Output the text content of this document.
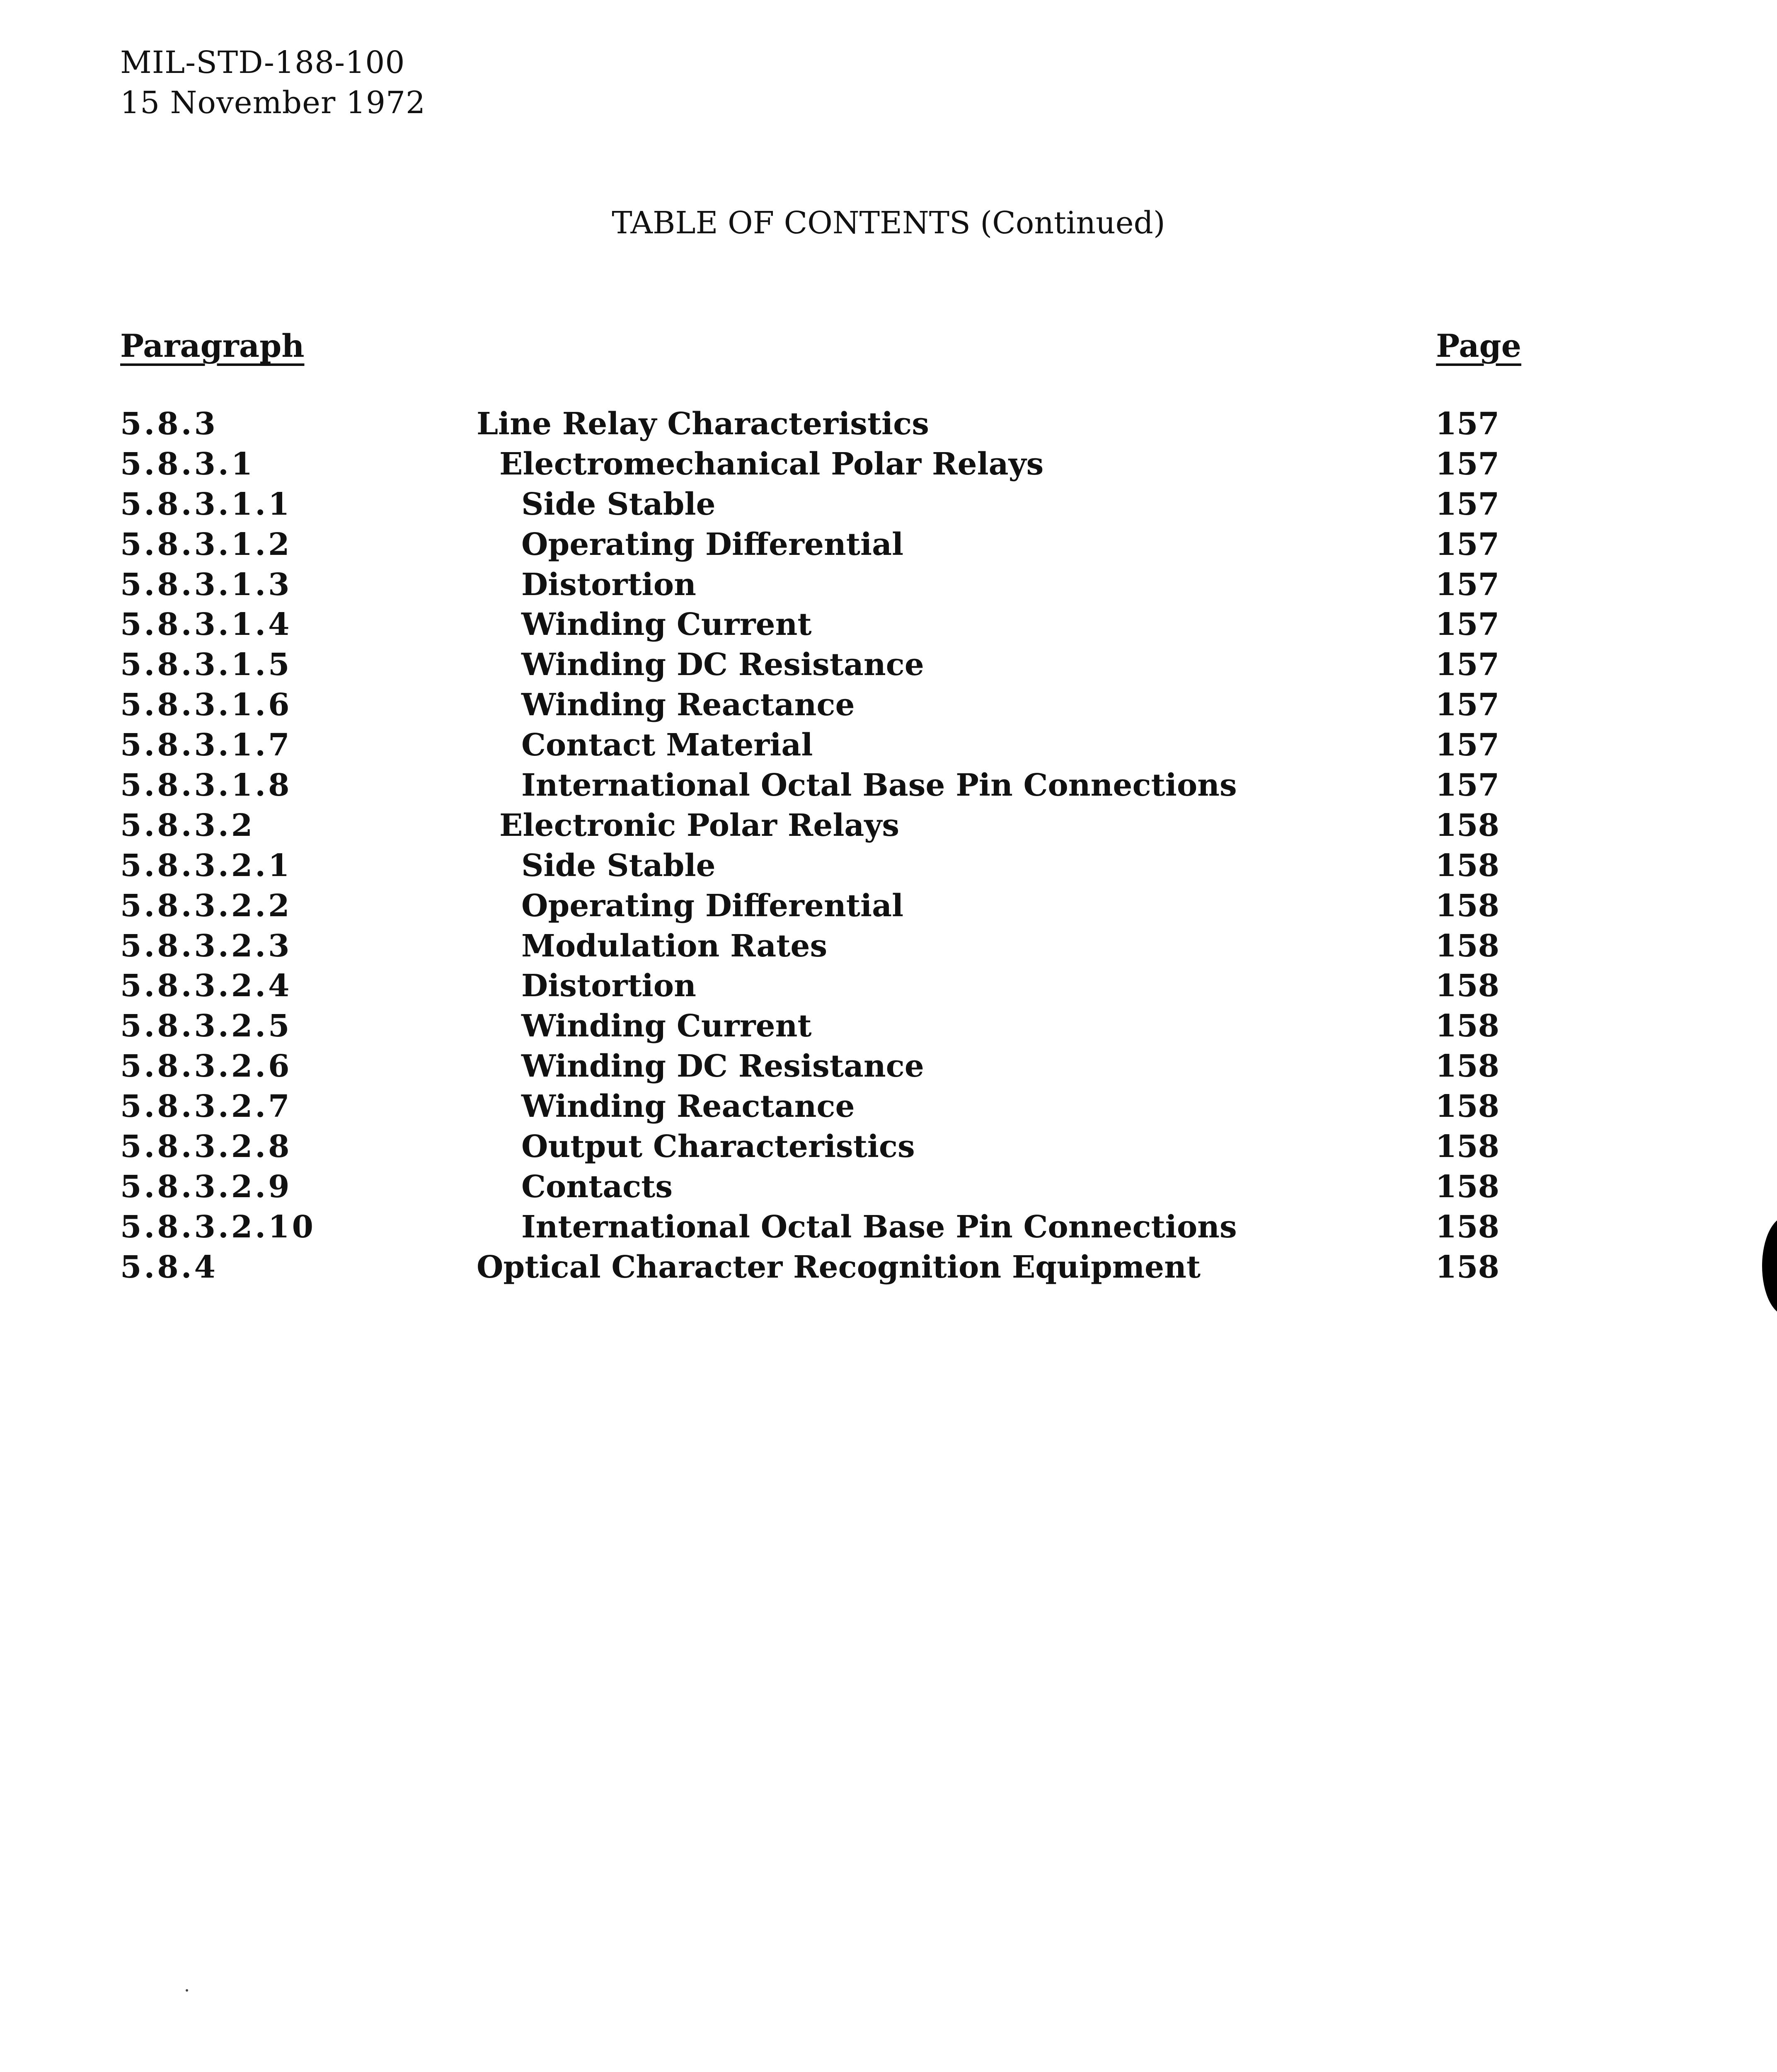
MIL-STD-188-100
15 November 1972
TABLE OF CONTENTS (Continued)
Paragraph	Page
5.8.3	Line Relay Characteristics	157
5.8.3.1	Electromechanical Polar Relays	157
5.8.3.1.1	Side Stable	157
5.8.3.1.2	Operating Differential	157
5.8.3.1.3	Distortion	157
5.8.3.1.4	Winding Current	157
5.8.3.1.5	Winding DC Resistance	157
5.8.3.1.6	Winding Reactance	157
5.8.3.1.7	Contact Material	157
5.8.3.1.8	International Octal Base Pin Connections	157
5.8.3.2	Electronic Polar Relays	158
5.8.3.2.1	Side Stable	158
5.8.3.2.2	Operating Differential	158
5.8.3.2.3	Modulation Rates	158
5.8.3.2.4	Distortion	158
5.8.3.2.5	Winding Current	158
5.8.3.2.6	Winding DC Resistance	158
5.8.3.2.7	Winding Reactance	158
5.8.3.2.8	Output Characteristics	158
5.8.3.2.9	Contacts	158
5.8.3.2.10	International Octal Base Pin Connections	158
5.8.4	Optical Character Recognition Equipment	158
